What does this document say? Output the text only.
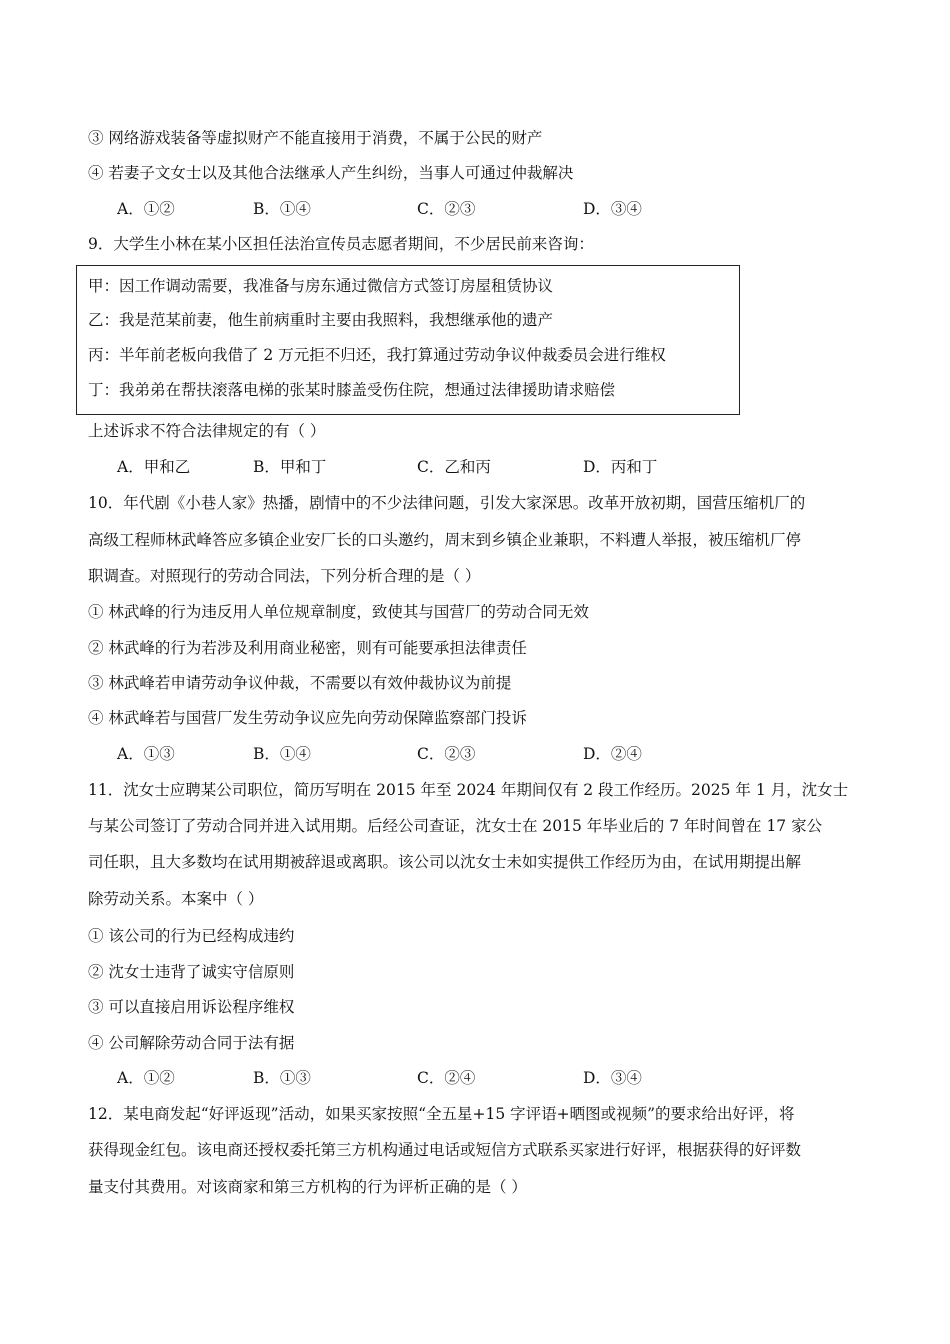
③ 网络游戏装备等虚拟财产不能直接用于消费，不属于公民的财产
④ 若妻子文女士以及其他合法继承人产生纠纷，当事人可通过仲裁解决
A．①②	B．①④	C．②③	D．③④
9．大学生小林在某小区担任法治宣传员志愿者期间，不少居民前来咨询：
甲：因工作调动需要，我准备与房东通过微信方式签订房屋租赁协议
乙：我是范某前妻，他生前病重时主要由我照料，我想继承他的遗产
丙：半年前老板向我借了 2 万元拒不归还，我打算通过劳动争议仲裁委员会进行维权
丁：我弟弟在帮扶滚落电梯的张某时膝盖受伤住院，想通过法律援助请求赔偿
上述诉求不符合法律规定的有（ ）
A．甲和乙	B．甲和丁	C．乙和丙	D．丙和丁
10．年代剧《小巷人家》热播，剧情中的不少法律问题，引发大家深思。改革开放初期，国营压缩机厂的
高级工程师林武峰答应多镇企业安厂长的口头邀约，周末到乡镇企业兼职，不料遭人举报，被压缩机厂停
职调查。对照现行的劳动合同法，下列分析合理的是（ ）
① 林武峰的行为违反用人单位规章制度，致使其与国营厂的劳动合同无效
② 林武峰的行为若涉及利用商业秘密，则有可能要承担法律责任
③ 林武峰若申请劳动争议仲裁，不需要以有效仲裁协议为前提
④ 林武峰若与国营厂发生劳动争议应先向劳动保障监察部门投诉
A．①③	B．①④	C．②③	D．②④
11．沈女士应聘某公司职位，简历写明在 2015 年至 2024 年期间仅有 2 段工作经历。2025 年 1 月，沈女士
与某公司签订了劳动合同并进入试用期。后经公司查证，沈女士在 2015 年毕业后的 7 年时间曾在 17 家公
司任职，且大多数均在试用期被辞退或离职。该公司以沈女士未如实提供工作经历为由，在试用期提出解
除劳动关系。本案中（ ）
① 该公司的行为已经构成违约
② 沈女士违背了诚实守信原则
③ 可以直接启用诉讼程序维权
④ 公司解除劳动合同于法有据
A．①②	B．①③	C．②④	D．③④
12．某电商发起“好评返现”活动，如果买家按照“全五星+15 字评语+晒图或视频”的要求给出好评，将
获得现金红包。该电商还授权委托第三方机构通过电话或短信方式联系买家进行好评，根据获得的好评数
量支付其费用。对该商家和第三方机构的行为评析正确的是（ ）
